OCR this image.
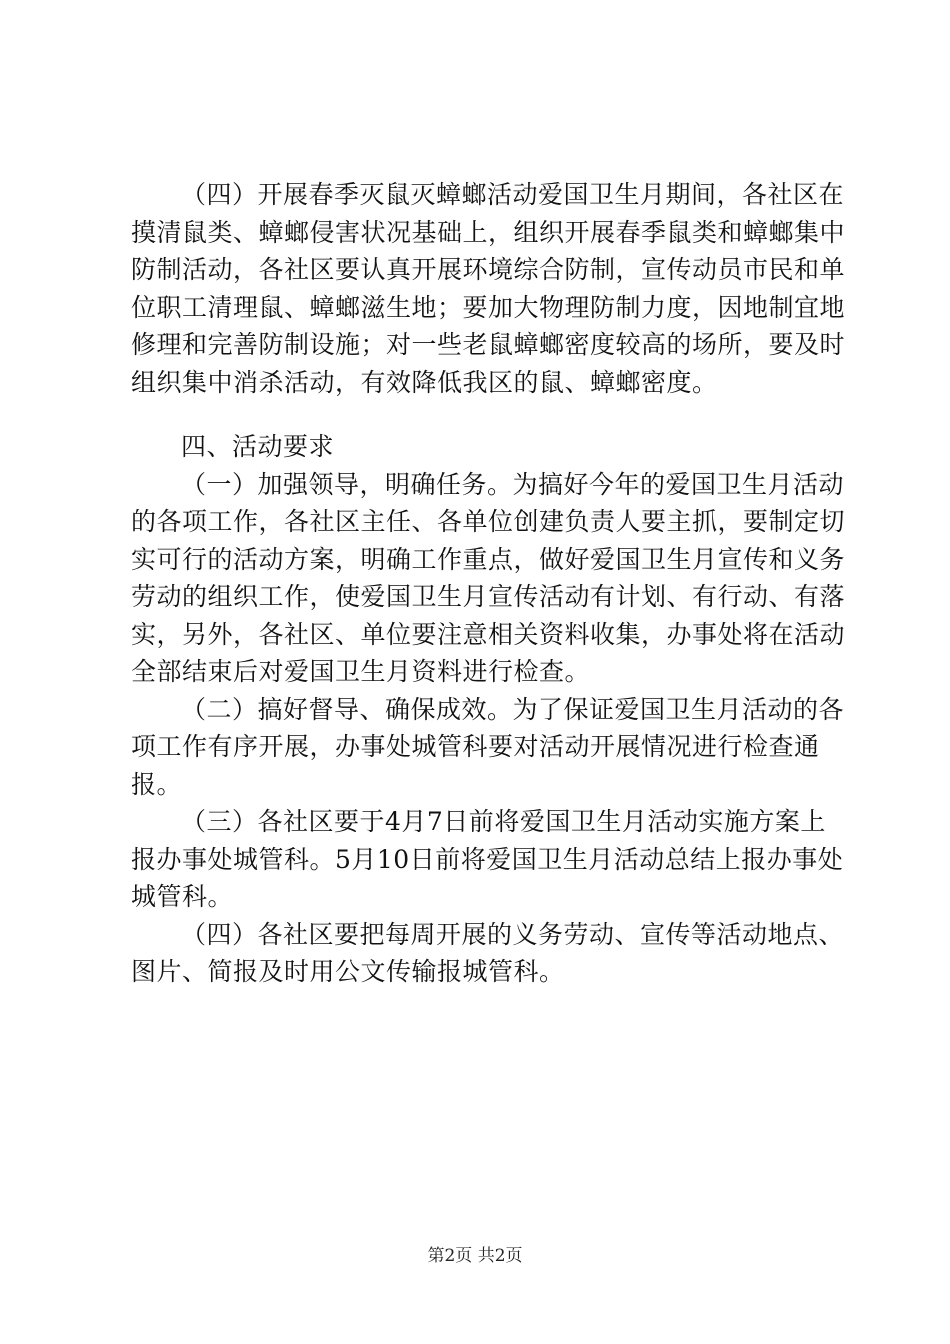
（四）开展春季灭鼠灭蟑螂活动爱国卫生月期间，各社区在摸清鼠类、蟑螂侵害状况基础上，组织开展春季鼠类和蟑螂集中防制活动，各社区要认真开展环境综合防制，宣传动员市民和单位职工清理鼠、蟑螂滋生地；要加大物理防制力度，因地制宜地修理和完善防制设施；对一些老鼠蟑螂密度较高的场所，要及时组织集中消杀活动，有效降低我区的鼠、蟑螂密度。

四、活动要求

（一）加强领导，明确任务。为搞好今年的爱国卫生月活动的各项工作，各社区主任、各单位创建负责人要主抓，要制定切实可行的活动方案，明确工作重点，做好爱国卫生月宣传和义务劳动的组织工作，使爱国卫生月宣传活动有计划、有行动、有落实，另外，各社区、单位要注意相关资料收集，办事处将在活动全部结束后对爱国卫生月资料进行检查。

（二）搞好督导、确保成效。为了保证爱国卫生月活动的各项工作有序开展，办事处城管科要对活动开展情况进行检查通报。

（三）各社区要于4月7日前将爱国卫生月活动实施方案上报办事处城管科。5月10日前将爱国卫生月活动总结上报办事处城管科。

（四）各社区要把每周开展的义务劳动、宣传等活动地点、图片、简报及时用公文传输报城管科。

第2页 共2页
